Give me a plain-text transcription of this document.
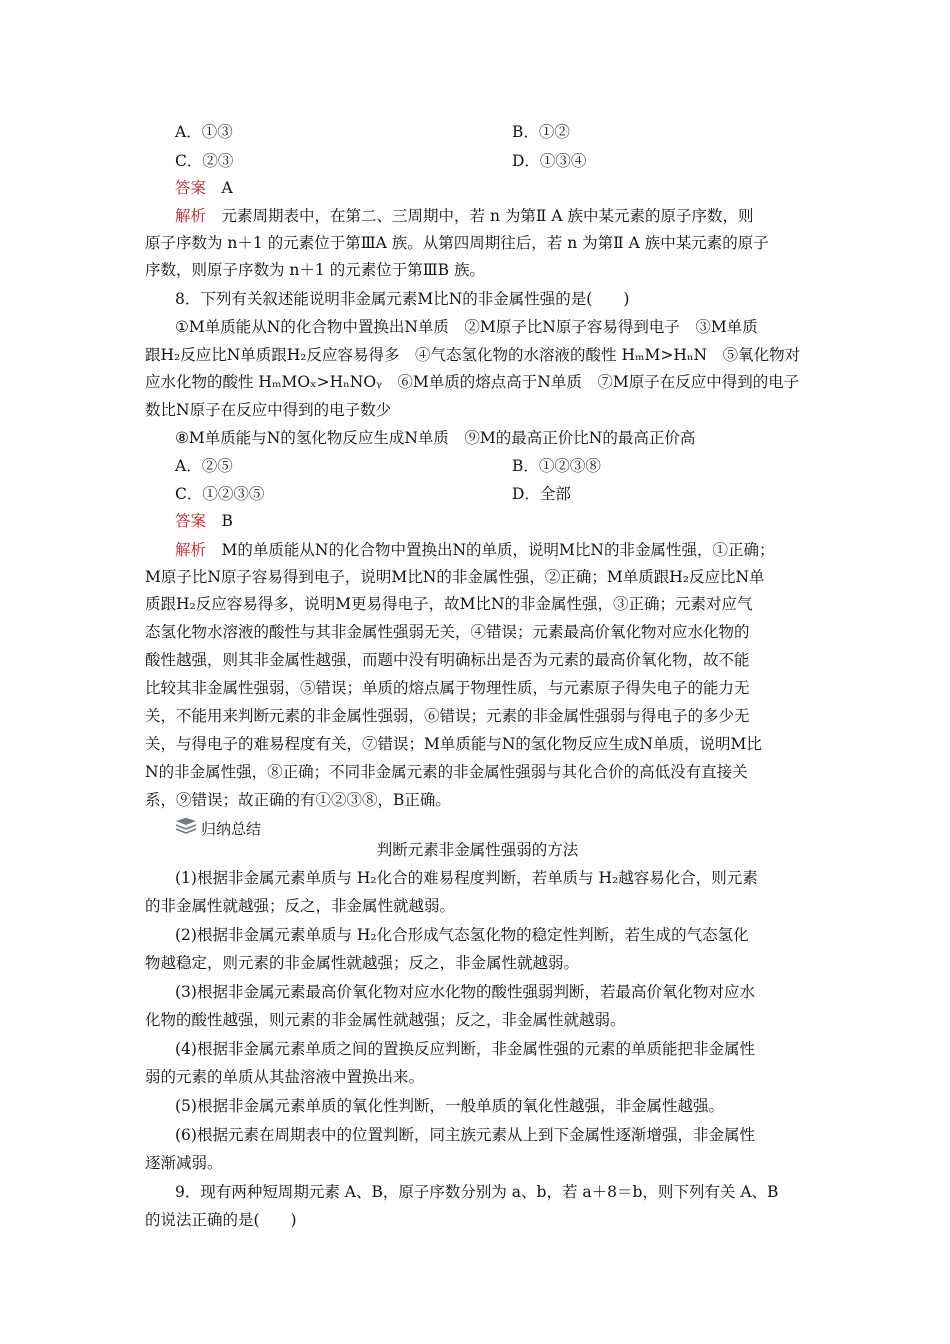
A．①③	B．①②
C．②③	D．①③④
答案　 A
解析　 元素周期表中，在第二、三周期中，若 n 为第Ⅱ A 族中某元素的原子序数，则
原子序数为 n＋1 的元素位于第ⅢA 族。从第四周期往后，若 n 为第Ⅱ A 族中某元素的原子
序数，则原子序数为 n＋1 的元素位于第ⅢB 族。
8．下列有关叙述能说明非金属元素M比N的非金属性强的是(　　)
①M单质能从N的化合物中置换出N单质　②M原子比N原子容易得到电子　③M单质
跟H₂反应比N单质跟H₂反应容易得多　④气态氢化物的水溶液的酸性 HₘM>HₙN　⑤氧化物对
应水化物的酸性 HₘMOₓ>HₙNOᵧ　⑥M单质的熔点高于N单质　⑦M原子在反应中得到的电子
数比N原子在反应中得到的电子数少
⑧M单质能与N的氢化物反应生成N单质　⑨M的最高正价比N的最高正价高
A．②⑤	B．①②③⑧
C．①②③⑤	D．全部
答案　 B
解析　 M的单质能从N的化合物中置换出N的单质，说明M比N的非金属性强，①正确；
M原子比N原子容易得到电子，说明M比N的非金属性强，②正确；M单质跟H₂反应比N单
质跟H₂反应容易得多，说明M更易得电子，故M比N的非金属性强，③正确；元素对应气
态氢化物水溶液的酸性与其非金属性强弱无关，④错误；元素最高价氧化物对应水化物的
酸性越强，则其非金属性越强，而题中没有明确标出是否为元素的最高价氧化物，故不能
比较其非金属性强弱，⑤错误；单质的熔点属于物理性质，与元素原子得失电子的能力无
关，不能用来判断元素的非金属性强弱，⑥错误；元素的非金属性强弱与得电子的多少无
关，与得电子的难易程度有关，⑦错误；M单质能与N的氢化物反应生成N单质，说明M比
N的非金属性强，⑧正确；不同非金属元素的非金属性强弱与其化合价的高低没有直接关
系，⑨错误；故正确的有①②③⑧，B正确。
归纳总结
判断元素非金属性强弱的方法
(1)根据非金属元素单质与 H₂化合的难易程度判断，若单质与 H₂越容易化合，则元素
的非金属性就越强；反之，非金属性就越弱。
(2)根据非金属元素单质与 H₂化合形成气态氢化物的稳定性判断，若生成的气态氢化
物越稳定，则元素的非金属性就越强；反之，非金属性就越弱。
(3)根据非金属元素最高价氧化物对应水化物的酸性强弱判断，若最高价氧化物对应水
化物的酸性越强，则元素的非金属性就越强；反之，非金属性就越弱。
(4)根据非金属元素单质之间的置换反应判断，非金属性强的元素的单质能把非金属性
弱的元素的单质从其盐溶液中置换出来。
(5)根据非金属元素单质的氧化性判断，一般单质的氧化性越强，非金属性越强。
(6)根据元素在周期表中的位置判断，同主族元素从上到下金属性逐渐增强，非金属性
逐渐减弱。
9．现有两种短周期元素 A、B，原子序数分别为 a、b，若 a＋8＝b，则下列有关 A、B
的说法正确的是(　　)
